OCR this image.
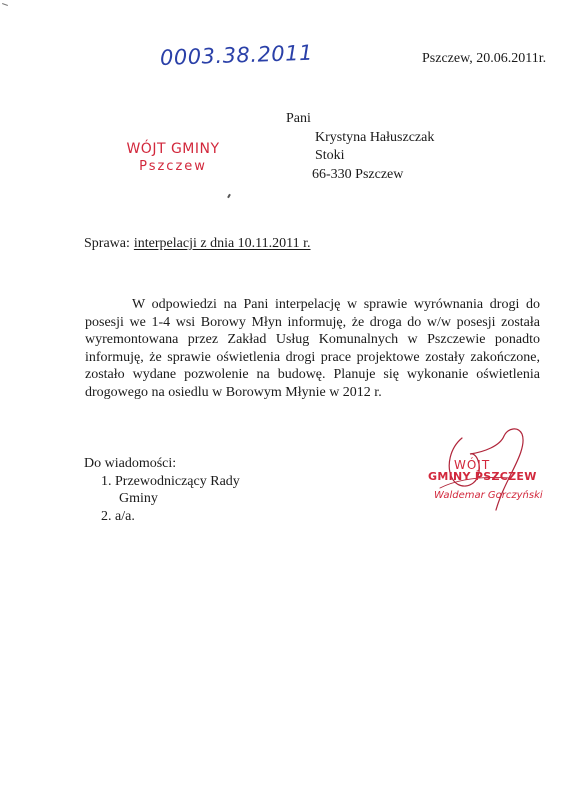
0003.38.2011	Pszczew, 20.06.2011r.
WÓJT GMINY
Pszczew
Pani
Krystyna Hałuszczak
Stoki
66-330 Pszczew
Sprawa: interpelacji z dnia 10.11.2011 r.

W odpowiedzi na Pani interpelację w sprawie wyrównania drogi do posesji we 1-4 wsi Borowy Młyn informuję, że droga do w/w posesji została wyremontowana przez Zakład Usług Komunalnych w Pszczewie ponadto informuję, że sprawie oświetlenia drogi prace projektowe zostały zakończone, zostało wydane pozwolenie na budowę. Planuje się wykonanie oświetlenia drogowego na osiedlu w Borowym Młynie w 2012 r.

Do wiadomości:
1. Przewodniczący Rady
Gminy
2. a/a.
WÓJT
GMINY PSZCZEW
Waldemar Gorczyński
